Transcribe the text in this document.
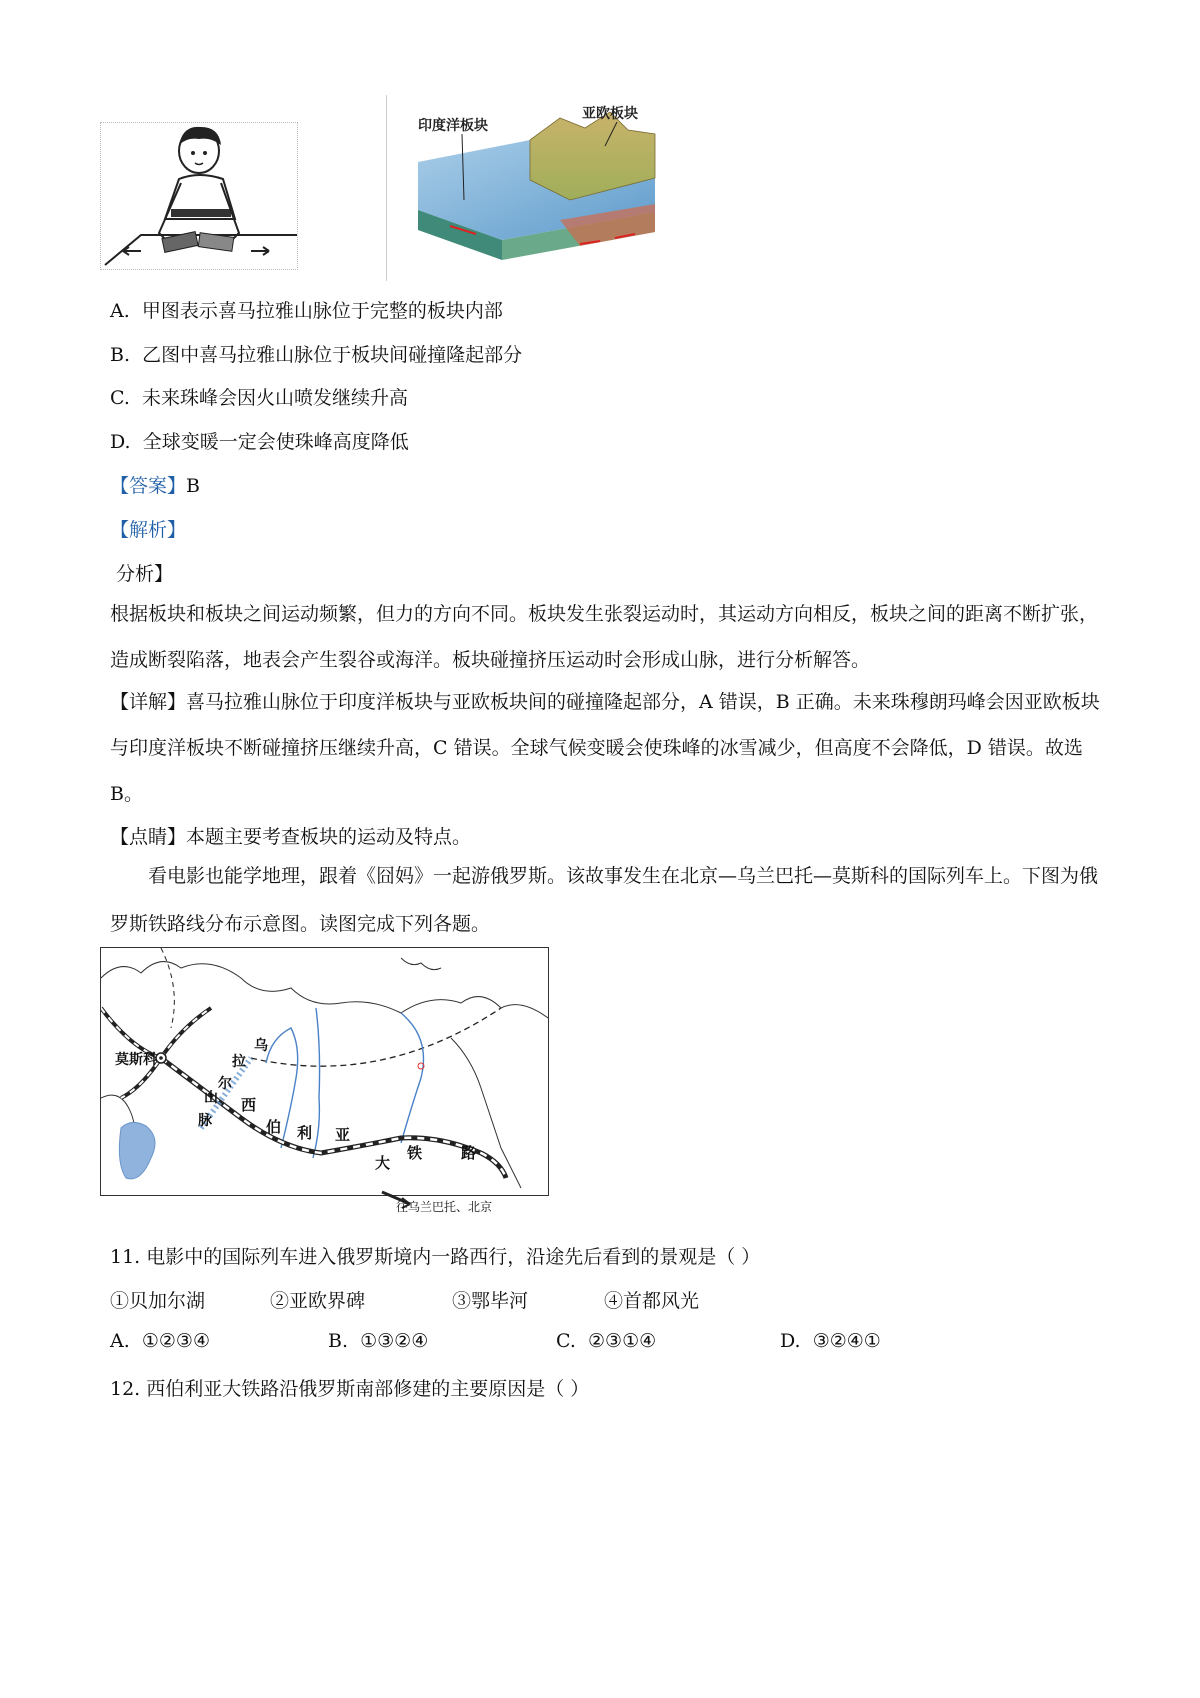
印度洋板块
亚欧板块
A. 甲图表示喜马拉雅山脉位于完整的板块内部
B. 乙图中喜马拉雅山脉位于板块间碰撞隆起部分
C. 未来珠峰会因火山喷发继续升高
D. 全球变暖一定会使珠峰高度降低
【答案】B
【解析】
分析】
根据板块和板块之间运动频繁，但力的方向不同。板块发生张裂运动时，其运动方向相反，板块之间的距离不断扩张，造成断裂陷落，地表会产生裂谷或海洋。板块碰撞挤压运动时会形成山脉，进行分析解答。
【详解】喜马拉雅山脉位于印度洋板块与亚欧板块间的碰撞隆起部分，A 错误，B 正确。未来珠穆朗玛峰会因亚欧板块与印度洋板块不断碰撞挤压继续升高，C 错误。全球气候变暖会使珠峰的冰雪减少，但高度不会降低，D 错误。故选 B。
【点睛】本题主要考查板块的运动及特点。
看电影也能学地理，跟着《囧妈》一起游俄罗斯。该故事发生在北京—乌兰巴托—莫斯科的国际列车上。下图为俄罗斯铁路线分布示意图。读图完成下列各题。
莫斯科
乌
拉
尔
山
脉
西
伯 利 亚
大
铁	路
往乌兰巴托、北京
11. 电影中的国际列车进入俄罗斯境内一路西行，沿途先后看到的景观是（ ）
①贝加尔湖	②亚欧界碑	③鄂毕河	④首都风光
A. ①②③④	B. ①③②④	C. ②③①④	D. ③②④①
12. 西伯利亚大铁路沿俄罗斯南部修建的主要原因是（ ）
